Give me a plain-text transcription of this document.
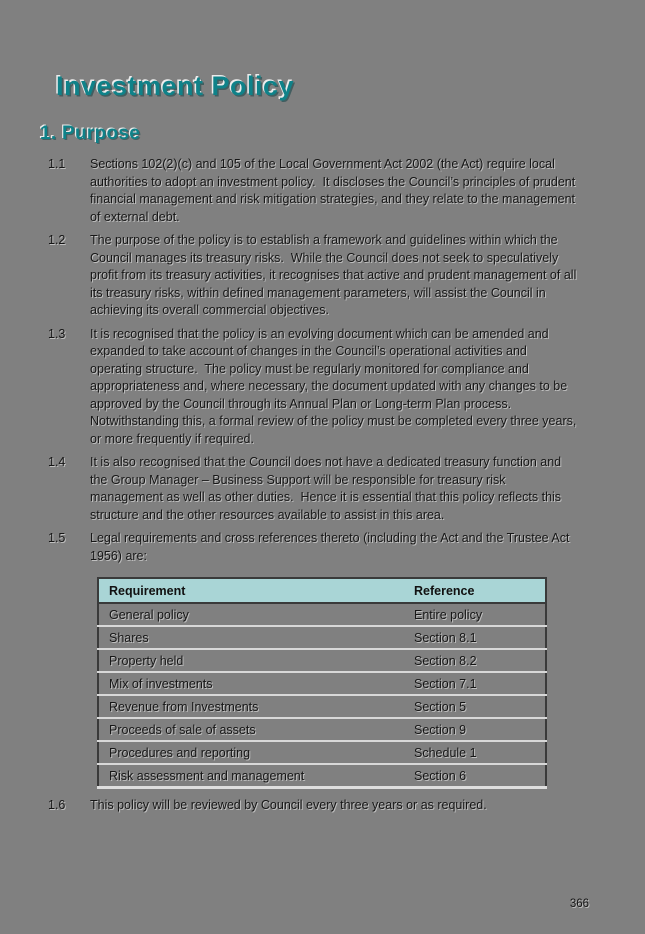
Investment Policy
1. Purpose
1.1	Sections 102(2)(c) and 105 of the Local Government Act 2002 (the Act) require local authorities to adopt an investment policy.  It discloses the Council’s principles of prudent financial management and risk mitigation strategies, and they relate to the management of external debt.
1.2	The purpose of the policy is to establish a framework and guidelines within which the Council manages its treasury risks.  While the Council does not seek to speculatively profit from its treasury activities, it recognises that active and prudent management of all its treasury risks, within defined management parameters, will assist the Council in achieving its overall commercial objectives.
1.3	It is recognised that the policy is an evolving document which can be amended and expanded to take account of changes in the Council’s operational activities and operating structure.  The policy must be regularly monitored for compliance and appropriateness and, where necessary, the document updated with any changes to be approved by the Council through its Annual Plan or Long-term Plan process.  Notwithstanding this, a formal review of the policy must be completed every three years, or more frequently if required.
1.4	It is also recognised that the Council does not have a dedicated treasury function and the Group Manager – Business Support will be responsible for treasury risk management as well as other duties.  Hence it is essential that this policy reflects this structure and the other resources available to assist in this area.
1.5	Legal requirements and cross references thereto (including the Act and the Trustee Act 1956) are:
Requirement	Reference
General policy	Entire policy
Shares	Section 8.1
Property held	Section 8.2
Mix of investments	Section 7.1
Revenue from Investments	Section 5
Proceeds of sale of assets	Section 9
Procedures and reporting	Schedule 1
Risk assessment and management	Section 6
1.6	This policy will be reviewed by Council every three years or as required.
366
